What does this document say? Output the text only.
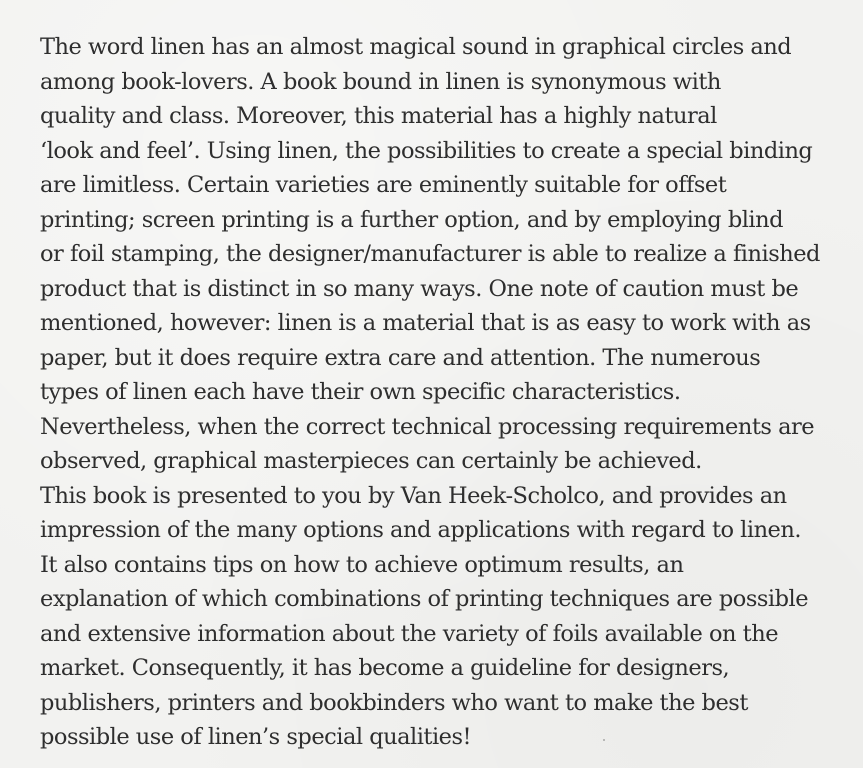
The word linen has an almost magical sound in graphical circles and
among book-lovers. A book bound in linen is synonymous with
quality and class. Moreover, this material has a highly natural
‘look and feel’. Using linen, the possibilities to create a special binding
are limitless. Certain varieties are eminently suitable for offset
printing; screen printing is a further option, and by employing blind
or foil stamping, the designer/manufacturer is able to realize a finished
product that is distinct in so many ways. One note of caution must be
mentioned, however: linen is a material that is as easy to work with as
paper, but it does require extra care and attention. The numerous
types of linen each have their own specific characteristics.
Nevertheless, when the correct technical processing requirements are
observed, graphical masterpieces can certainly be achieved.
This book is presented to you by Van Heek-Scholco, and provides an
impression of the many options and applications with regard to linen.
It also contains tips on how to achieve optimum results, an
explanation of which combinations of printing techniques are possible
and extensive information about the variety of foils available on the
market. Consequently, it has become a guideline for designers,
publishers, printers and bookbinders who want to make the best
possible use of linen’s special qualities!
